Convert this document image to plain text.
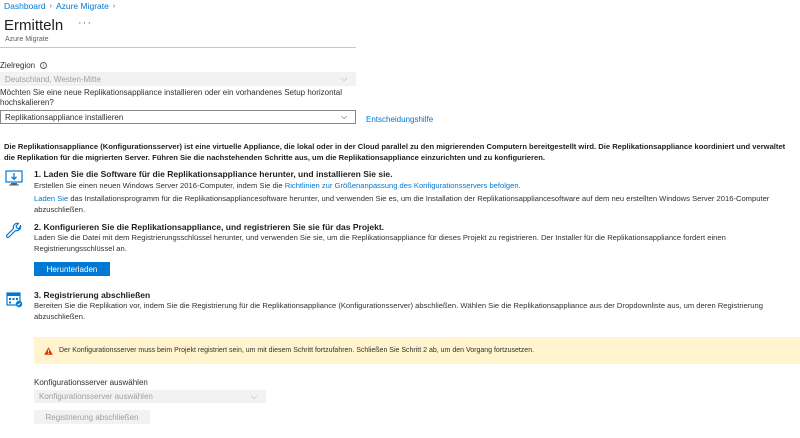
Dashboard › Azure Migrate ›
Ermitteln ···
Azure Migrate
Zielregion i
Deutschland, Westen-Mitte	⌵
Möchten Sie eine neue Replikationsappliance installieren oder ein vorhandenes Setup horizontal hochskalieren?
Replikationsappliance installieren	⌵	Entscheidungshilfe
Die Replikationsappliance (Konfigurationsserver) ist eine virtuelle Appliance, die lokal oder in der Cloud parallel zu den migrierenden Computern bereitgestellt wird. Die Replikationsappliance koordiniert und verwaltet die Replikation für die migrierten Server. Führen Sie die nachstehenden Schritte aus, um die Replikationsappliance einzurichten und zu konfigurieren.
1. Laden Sie die Software für die Replikationsappliance herunter, und installieren Sie sie.
Erstellen Sie einen neuen Windows Server 2016-Computer, indem Sie die Richtlinien zur Größenanpassung des Konfigurationsservers befolgen.
Laden Sie das Installationsprogramm für die Replikationsappliancesoftware herunter, und verwenden Sie es, um die Installation der Replikationsappliancesoftware auf dem neu erstellten Windows Server 2016-Computer abzuschließen.
2. Konfigurieren Sie die Replikationsappliance, und registrieren Sie sie für das Projekt.
Laden Sie die Datei mit dem Registrierungsschlüssel herunter, und verwenden Sie sie, um die Replikationsappliance für dieses Projekt zu registrieren. Der Installer für die Replikationsappliance fordert einen Registrierungsschlüssel an.
Herunterladen
3. Registrierung abschließen
Bereiten Sie die Replikation vor, indem Sie die Registrierung für die Replikationsappliance (Konfigurationsserver) abschließen. Wählen Sie die Replikationsappliance aus der Dropdownliste aus, um deren Registrierung abzuschließen.
Der Konfigurationsserver muss beim Projekt registriert sein, um mit diesem Schritt fortzufahren. Schließen Sie Schritt 2 ab, um den Vorgang fortzusetzen.
Konfigurationsserver auswählen
Konfigurationsserver auswählen	⌵
Registrierung abschließen
